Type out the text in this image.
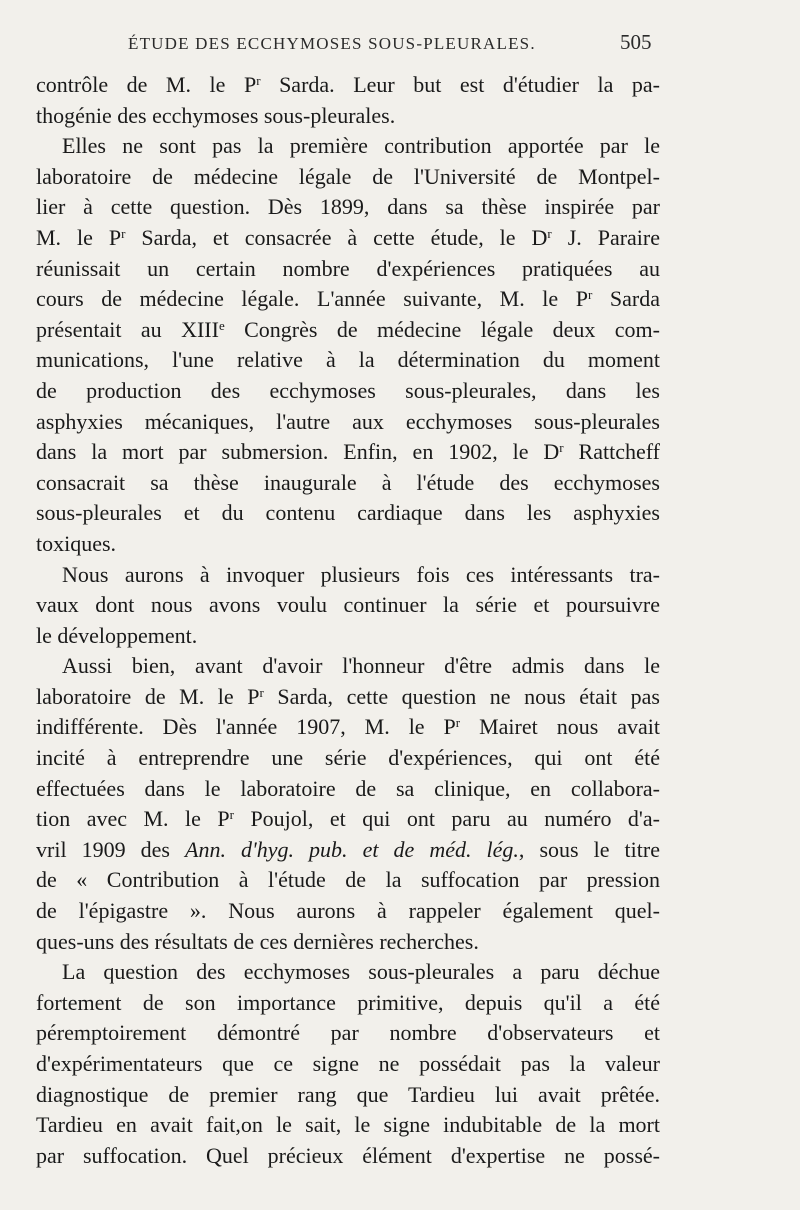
ÉTUDE DES ECCHYMOSES SOUS-PLEURALES.	505
contrôle de M. le $P^r$ Sarda. Leur but est d'étudier la pa-
thogénie des ecchymoses sous-pleurales.
Elles ne sont pas la première contribution apportée par le
laboratoire de médecine légale de l'Université de Montpel-
lier à cette question. Dès 1899, dans sa thèse inspirée par
M. le $P^r$ Sarda, et consacrée à cette étude, le $D^r$ J. Paraire
réunissait un certain nombre d'expériences pratiquées au
cours de médecine légale. L'année suivante, M. le $P^r$ Sarda
présentait au XIIIe Congrès de médecine légale deux com-
munications, l'une relative à la détermination du moment
de production des ecchymoses sous-pleurales, dans les
asphyxies mécaniques, l'autre aux ecchymoses sous-pleurales
dans la mort par submersion. Enfin, en 1902, le $D^r$ Rattcheff
consacrait sa thèse inaugurale à l'étude des ecchymoses
sous-pleurales et du contenu cardiaque dans les asphyxies
toxiques.
Nous aurons à invoquer plusieurs fois ces intéressants tra-
vaux dont nous avons voulu continuer la série et poursuivre
le développement.
Aussi bien, avant d'avoir l'honneur d'être admis dans le
laboratoire de M. le $P^r$ Sarda, cette question ne nous était pas
indifférente. Dès l'année 1907, M. le $P^r$ Mairet nous avait
incité à entreprendre une série d'expériences, qui ont été
effectuées dans le laboratoire de sa clinique, en collabora-
tion avec M. le $P^r$ Poujol, et qui ont paru au numéro d'a-
vril 1909 des Ann. d'hyg. pub. et de méd. lég., sous le titre
de « Contribution à l'étude de la suffocation par pression
de l'épigastre ». Nous aurons à rappeler également quel-
ques-uns des résultats de ces dernières recherches.
La question des ecchymoses sous-pleurales a paru déchue
fortement de son importance primitive, depuis qu'il a été
péremptoirement démontré par nombre d'observateurs et
d'expérimentateurs que ce signe ne possédait pas la valeur
diagnostique de premier rang que Tardieu lui avait prêtée.
Tardieu en avait fait,on le sait, le signe indubitable de la mort
par suffocation. Quel précieux élément d'expertise ne possé-
